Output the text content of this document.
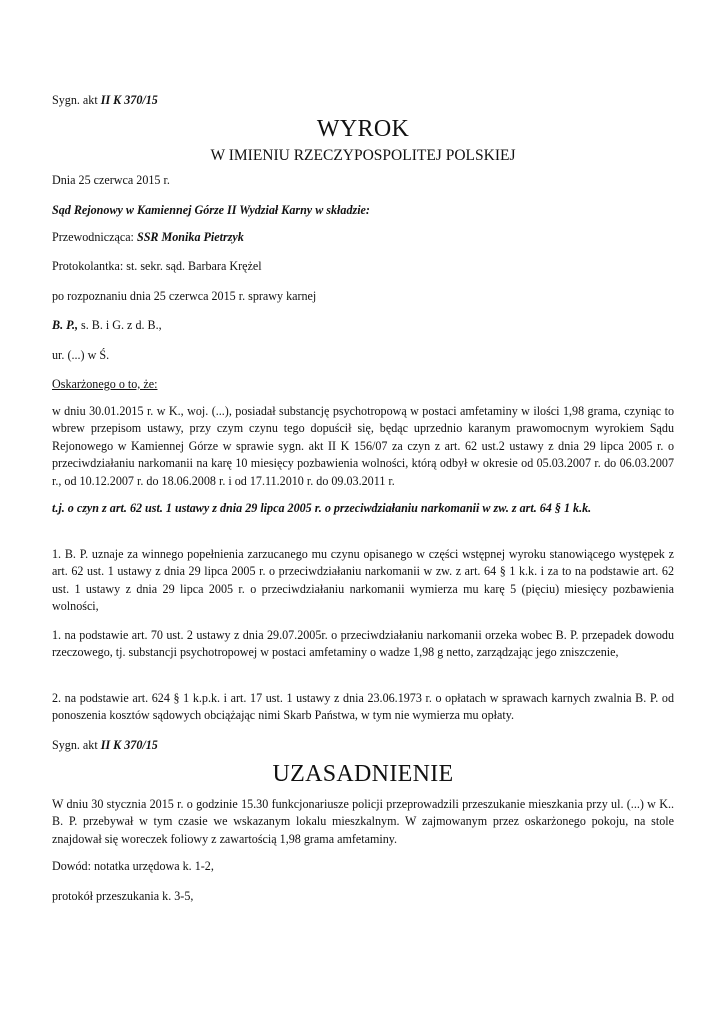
Sygn. akt II K 370/15
WYROK
W IMIENIU RZECZYPOSPOLITEJ POLSKIEJ
Dnia 25 czerwca 2015 r.
Sąd Rejonowy w Kamiennej Górze II Wydział Karny w składzie:
Przewodnicząca: SSR Monika Pietrzyk
Protokolantka: st. sekr. sąd. Barbara Krężel
po rozpoznaniu dnia 25 czerwca 2015 r. sprawy karnej
B. P., s. B. i G. z d. B.,
ur. (...) w Ś.
Oskarżonego o to, że:
w dniu 30.01.2015 r. w K., woj. (...), posiadał substancję psychotropową w postaci amfetaminy w ilości 1,98 grama, czyniąc to wbrew przepisom ustawy, przy czym czynu tego dopuścił się, będąc uprzednio karanym prawomocnym wyrokiem Sądu Rejonowego w Kamiennej Górze w sprawie sygn. akt II K 156/07 za czyn z art. 62 ust.2 ustawy z dnia 29 lipca 2005 r. o przeciwdziałaniu narkomanii na karę 10 miesięcy pozbawienia wolności, którą odbył w okresie od 05.03.2007 r. do 06.03.2007 r., od 10.12.2007 r. do 18.06.2008 r. i od 17.11.2010 r. do 09.03.2011 r.
t.j. o czyn z art. 62 ust. 1 ustawy z dnia 29 lipca 2005 r. o przeciwdziałaniu narkomanii w zw. z art. 64 § 1 k.k.
1. B. P. uznaje za winnego popełnienia zarzucanego mu czynu opisanego w części wstępnej wyroku stanowiącego występek z art. 62 ust. 1 ustawy z dnia 29 lipca 2005 r. o przeciwdziałaniu narkomanii w zw. z art. 64 § 1 k.k. i za to na podstawie art. 62 ust. 1 ustawy z dnia 29 lipca 2005 r. o przeciwdziałaniu narkomanii wymierza mu karę 5 (pięciu) miesięcy pozbawienia wolności,
1. na podstawie art. 70 ust. 2 ustawy z dnia 29.07.2005r. o przeciwdziałaniu narkomanii orzeka wobec B. P. przepadek dowodu rzeczowego, tj. substancji psychotropowej w postaci amfetaminy o wadze 1,98 g netto, zarządzając jego zniszczenie,
2. na podstawie art. 624 § 1 k.p.k. i art. 17 ust. 1 ustawy z dnia 23.06.1973 r. o opłatach w sprawach karnych zwalnia B. P. od ponoszenia kosztów sądowych obciążając nimi Skarb Państwa, w tym nie wymierza mu opłaty.
Sygn. akt II K 370/15
UZASADNIENIE
W dniu 30 stycznia 2015 r. o godzinie 15.30 funkcjonariusze policji przeprowadzili przeszukanie mieszkania przy ul. (...) w K.. B. P. przebywał w tym czasie we wskazanym lokalu mieszkalnym. W zajmowanym przez oskarżonego pokoju, na stole znajdował się woreczek foliowy z zawartością 1,98 grama amfetaminy.
Dowód: notatka urzędowa k. 1-2,
protokół przeszukania k. 3-5,
